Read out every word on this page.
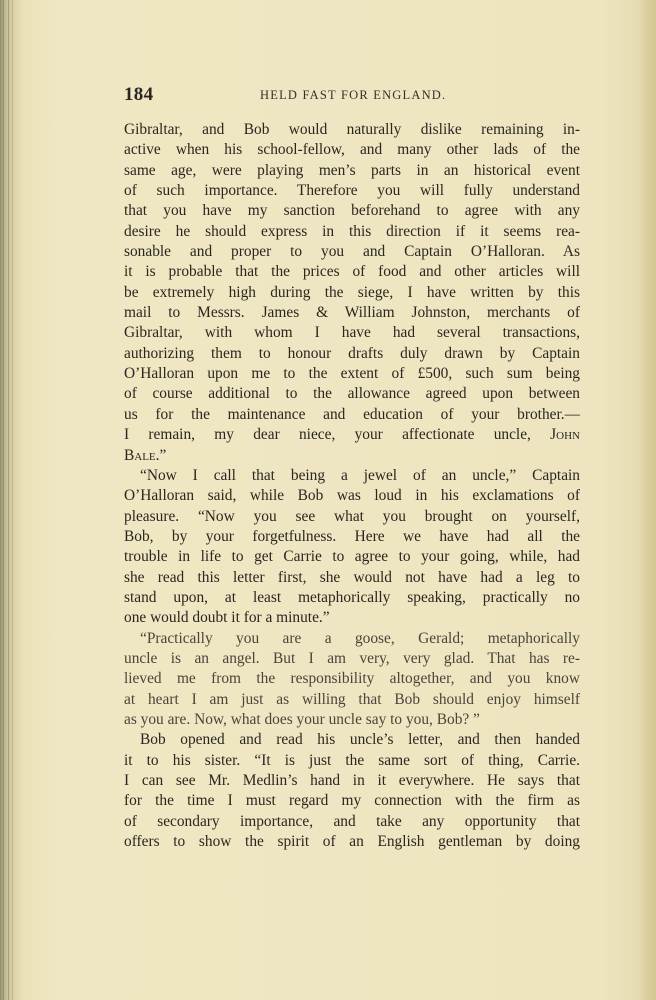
184	HELD FAST FOR ENGLAND.
Gibraltar, and Bob would naturally dislike remaining in-
active when his school-fellow, and many other lads of the
same age, were playing men’s parts in an historical event
of such importance. Therefore you will fully understand
that you have my sanction beforehand to agree with any
desire he should express in this direction if it seems rea-
sonable and proper to you and Captain O’Halloran. As
it is probable that the prices of food and other articles will
be extremely high during the siege, I have written by this
mail to Messrs. James & William Johnston, merchants of
Gibraltar, with whom I have had several transactions,
authorizing them to honour drafts duly drawn by Captain
O’Halloran upon me to the extent of £500, such sum being
of course additional to the allowance agreed upon between
us for the maintenance and education of your brother.—
I remain, my dear niece, your affectionate uncle, John
Bale.”
“Now I call that being a jewel of an uncle,” Captain
O’Halloran said, while Bob was loud in his exclamations of
pleasure. “Now you see what you brought on yourself,
Bob, by your forgetfulness. Here we have had all the
trouble in life to get Carrie to agree to your going, while, had
she read this letter first, she would not have had a leg to
stand upon, at least metaphorically speaking, practically no
one would doubt it for a minute.”
“Practically you are a goose, Gerald; metaphorically
uncle is an angel. But I am very, very glad. That has re-
lieved me from the responsibility altogether, and you know
at heart I am just as willing that Bob should enjoy himself
as you are. Now, what does your uncle say to you, Bob? ”
Bob opened and read his uncle’s letter, and then handed
it to his sister. “It is just the same sort of thing, Carrie.
I can see Mr. Medlin’s hand in it everywhere. He says that
for the time I must regard my connection with the firm as
of secondary importance, and take any opportunity that
offers to show the spirit of an English gentleman by doing
